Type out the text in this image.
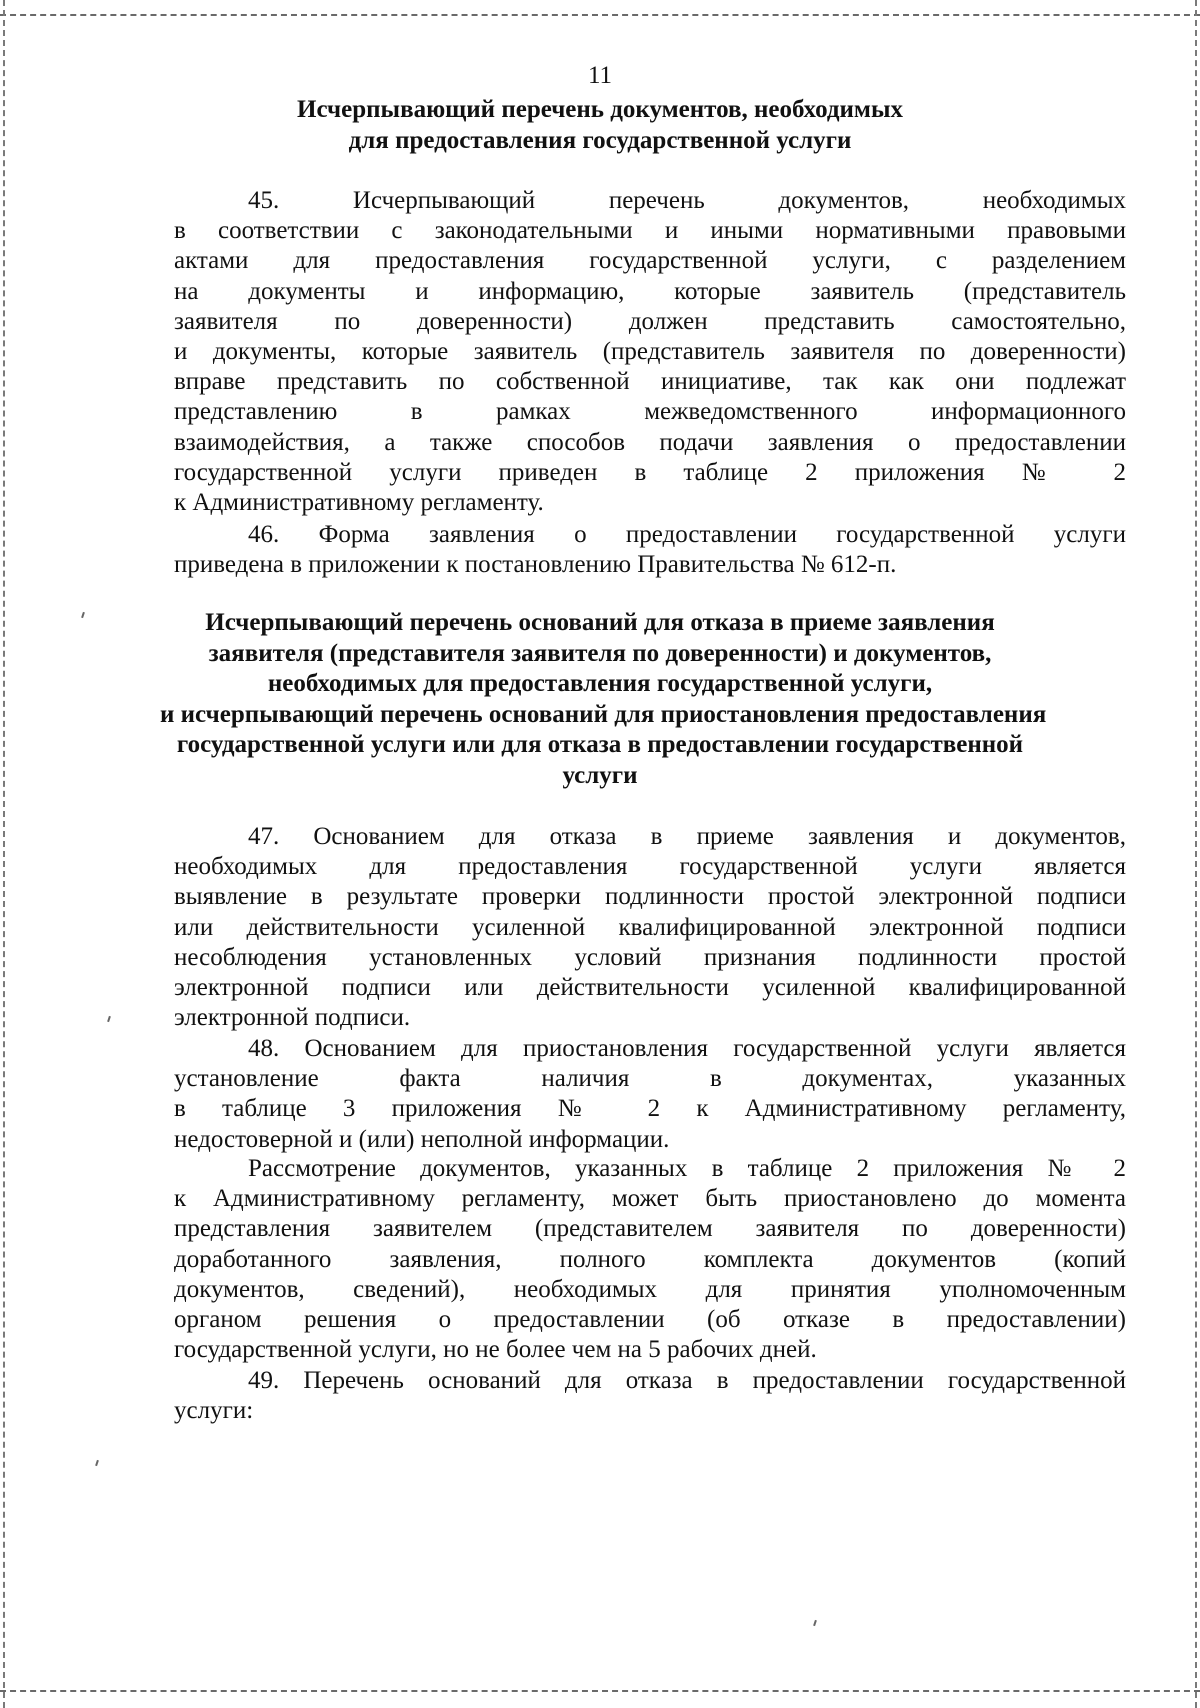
11
Исчерпывающий перечень документов, необходимых
для предоставления государственной услуги
45. Исчерпывающий перечень документов, необходимых
в соответствии с законодательными и иными нормативными правовыми
актами для предоставления государственной услуги, с разделением
на документы и информацию, которые заявитель (представитель
заявителя по доверенности) должен представить самостоятельно,
и документы, которые заявитель (представитель заявителя по доверенности)
вправе представить по собственной инициативе, так как они подлежат
представлению в рамках межведомственного информационного
взаимодействия, а также способов подачи заявления о предоставлении
государственной услуги приведен в таблице 2 приложения № 2
к Административному регламенту.
46. Форма заявления о предоставлении государственной услуги
приведена в приложении к постановлению Правительства № 612-п.
Исчерпывающий перечень оснований для отказа в приеме заявления
заявителя (представителя заявителя по доверенности) и документов,
необходимых для предоставления государственной услуги,
и исчерпывающий перечень оснований для приостановления предоставления
государственной услуги или для отказа в предоставлении государственной
услуги
47. Основанием для отказа в приеме заявления и документов,
необходимых для предоставления государственной услуги является
выявление в результате проверки подлинности простой электронной подписи
или действительности усиленной квалифицированной электронной подписи
несоблюдения установленных условий признания подлинности простой
электронной подписи или действительности усиленной квалифицированной
электронной подписи.
48. Основанием для приостановления государственной услуги является
установление факта наличия в документах, указанных
в таблице 3 приложения № 2 к Административному регламенту,
недостоверной и (или) неполной информации.
Рассмотрение документов, указанных в таблице 2 приложения № 2
к Административному регламенту, может быть приостановлено до момента
представления заявителем (представителем заявителя по доверенности)
доработанного заявления, полного комплекта документов (копий
документов, сведений), необходимых для принятия уполномоченным
органом решения о предоставлении (об отказе в предоставлении)
государственной услуги, но не более чем на 5 рабочих дней.
49. Перечень оснований для отказа в предоставлении государственной
услуги:
